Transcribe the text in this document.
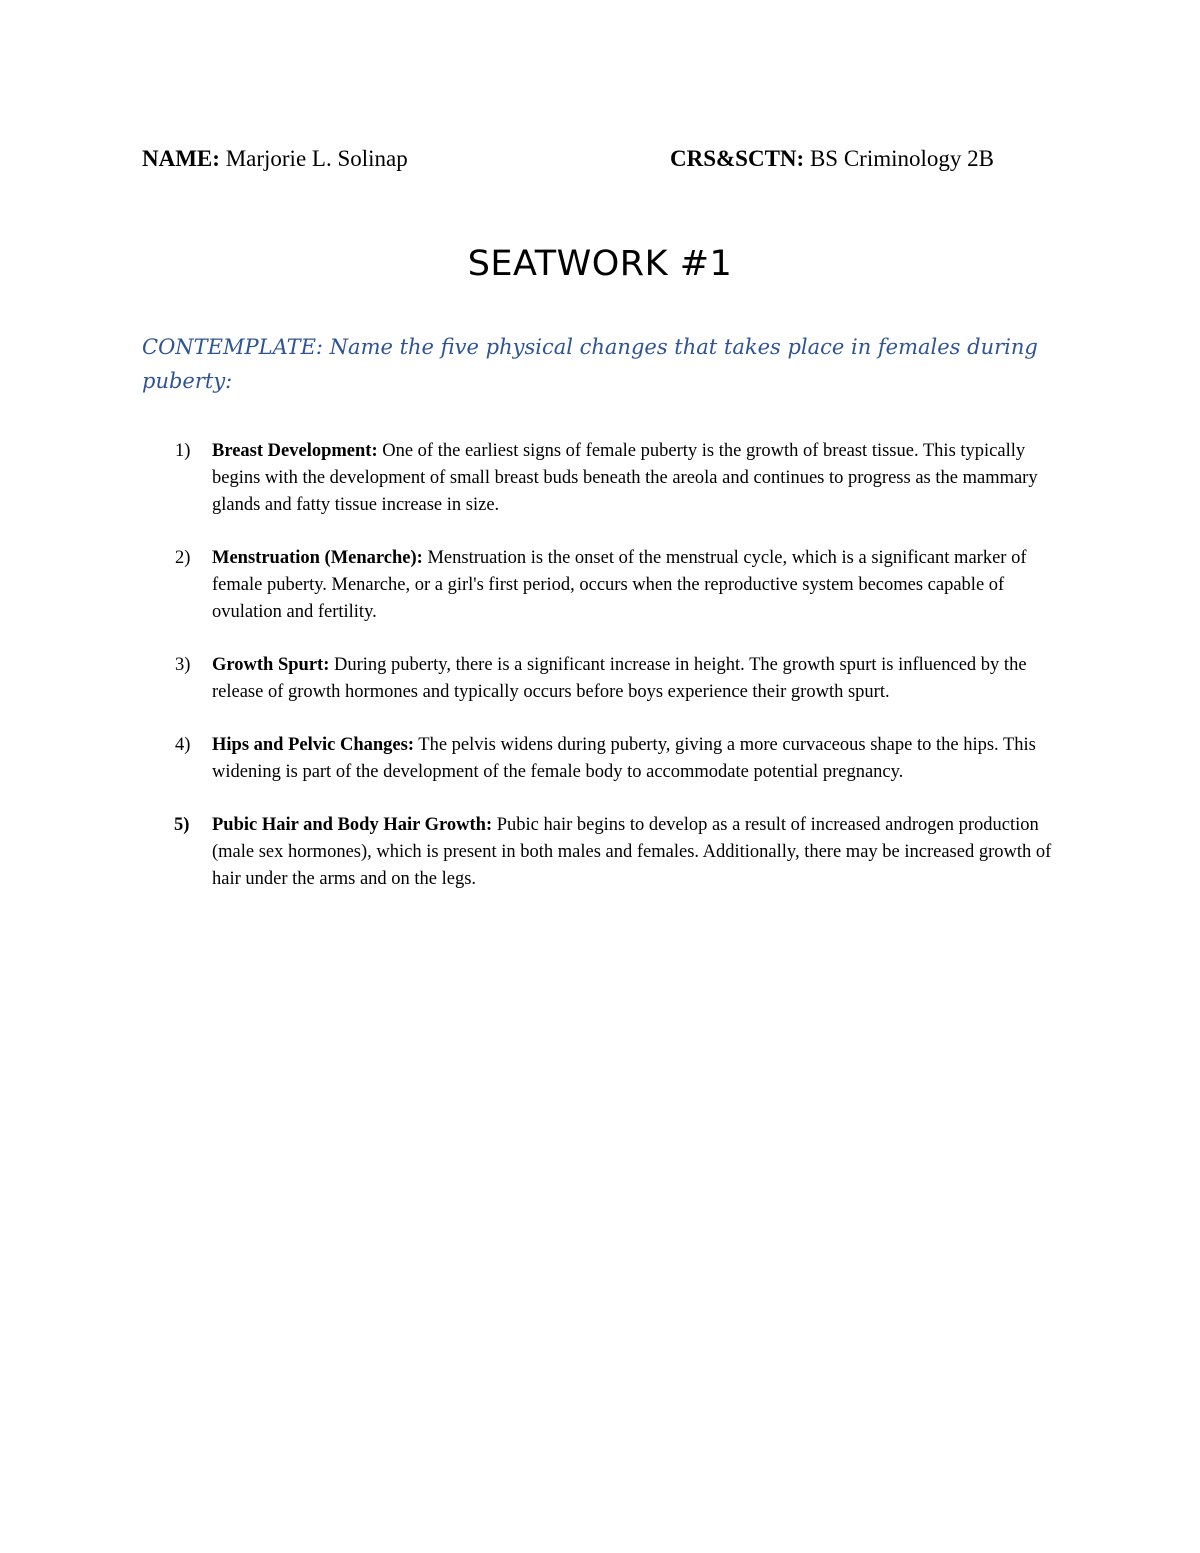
NAME: Marjorie L. Solinap	CRS&SCTN: BS Criminology 2B
SEATWORK #1
CONTEMPLATE: Name the five physical changes that takes place in females during puberty:
1) Breast Development: One of the earliest signs of female puberty is the growth of breast tissue. This typically begins with the development of small breast buds beneath the areola and continues to progress as the mammary glands and fatty tissue increase in size.
2) Menstruation (Menarche): Menstruation is the onset of the menstrual cycle, which is a significant marker of female puberty. Menarche, or a girl's first period, occurs when the reproductive system becomes capable of ovulation and fertility.
3) Growth Spurt: During puberty, there is a significant increase in height. The growth spurt is influenced by the release of growth hormones and typically occurs before boys experience their growth spurt.
4) Hips and Pelvic Changes: The pelvis widens during puberty, giving a more curvaceous shape to the hips. This widening is part of the development of the female body to accommodate potential pregnancy.
5) Pubic Hair and Body Hair Growth: Pubic hair begins to develop as a result of increased androgen production (male sex hormones), which is present in both males and females. Additionally, there may be increased growth of hair under the arms and on the legs.
